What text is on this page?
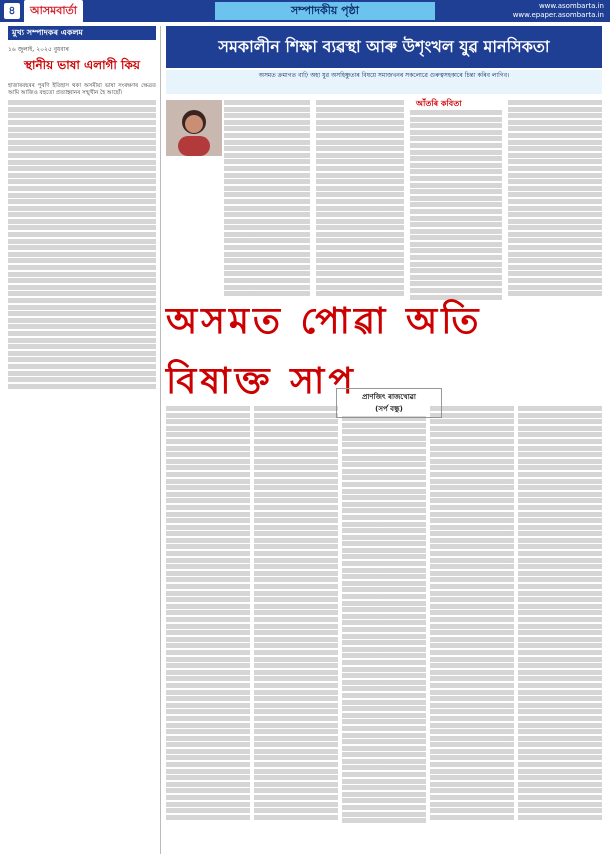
৪	আসমবাৰ্তা	সম্পাদকীয় পৃষ্ঠা	www.asombarta.in
www.epaper.asombarta.in
মুখ্য সম্পাদকৰ একলম
১৬ জুলাই, ২০২৫ বুধবাৰ
স্থানীয় ভাষা এলাগী কিয়
হাজাৰবছৰৰ পুৰণি ইতিহাস থকা অসমীয়া ভাষা সংৰক্ষণৰ ক্ষেত্ৰত আমি আজিও বহুতো প্ৰত্যাহ্বানৰ সন্মুখীন হৈ আছোঁ।
সমকালীন শিক্ষা ব্যৱস্থা আৰু উশৃংখল যুৱ মানসিকতা
অসমত ক্ৰমাগত বাঢ়ি অহা যুৱ অসহিষ্ণুতাৰ বিষয়ে সমাজখনৰ সকলোৱে গুৰুত্বসহকাৰে চিন্তা কৰিব লাগিব।
আঁতৰি কবিতা
অসমত পোৱা অতি বিষাক্ত সাপ প্ৰাণজিৎ ৰাজখোৱা
(সৰ্প বন্ধু)
